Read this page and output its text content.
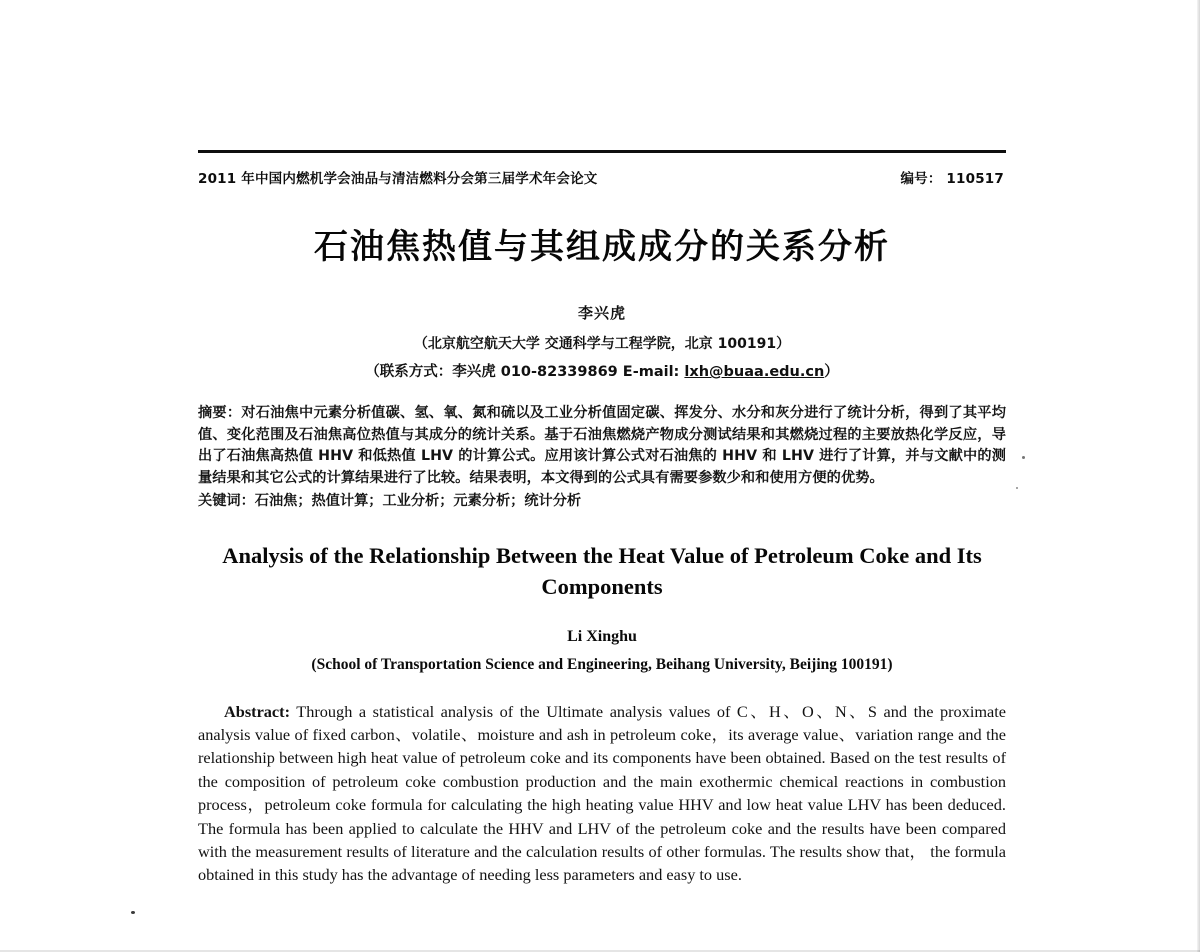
2011 年中国内燃机学会油品与清洁燃料分会第三届学术年会论文	编号： 110517
石油焦热值与其组成成分的关系分析
李兴虎
（北京航空航天大学 交通科学与工程学院，北京 100191）
（联系方式：李兴虎 010-82339869 E-mail: lxh@buaa.edu.cn）
摘要：对石油焦中元素分析值碳、氢、氧、氮和硫以及工业分析值固定碳、挥发分、水分和灰分进行了统计分析，得到了其平均值、变化范围及石油焦高位热值与其成分的统计关系。基于石油焦燃烧产物成分测试结果和其燃烧过程的主要放热化学反应，导出了石油焦高热值 HHV 和低热值 LHV 的计算公式。应用该计算公式对石油焦的 HHV 和 LHV 进行了计算，并与文献中的测量结果和其它公式的计算结果进行了比较。结果表明，本文得到的公式具有需要参数少和和使用方便的优势。
关键词：石油焦；热值计算；工业分析；元素分析；统计分析
Analysis of the Relationship Between the Heat Value of Petroleum Coke and Its Components
Li Xinghu
(School of Transportation Science and Engineering, Beihang University, Beijing 100191)
Abstract: Through a statistical analysis of the Ultimate analysis values of C、H、O、N、S and the proximate analysis value of fixed carbon、volatile、moisture and ash in petroleum coke，its average value、variation range and the relationship between high heat value of petroleum coke and its components have been obtained. Based on the test results of the composition of petroleum coke combustion production and the main exothermic chemical reactions in combustion process，petroleum coke formula for calculating the high heating value HHV and low heat value LHV has been deduced. The formula has been applied to calculate the HHV and LHV of the petroleum coke and the results have been compared with the measurement results of literature and the calculation results of other formulas. The results show that， the formula obtained in this study has the advantage of needing less parameters and easy to use.
